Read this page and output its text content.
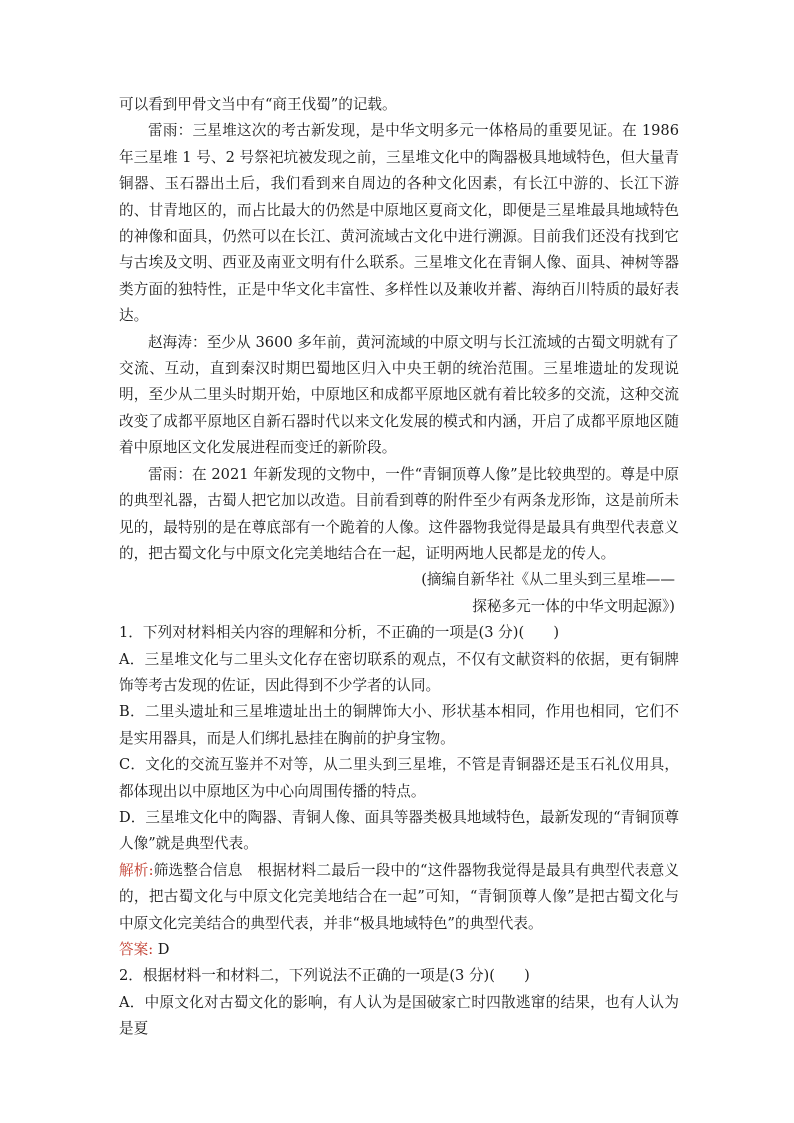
可以看到甲骨文当中有“商王伐蜀”的记载。

雷雨：三星堆这次的考古新发现，是中华文明多元一体格局的重要见证。在 1986 年三星堆 1 号、2 号祭祀坑被发现之前，三星堆文化中的陶器极具地域特色，但大量青铜器、玉石器出土后，我们看到来自周边的各种文化因素，有长江中游的、长江下游的、甘青地区的，而占比最大的仍然是中原地区夏商文化，即便是三星堆最具地域特色的神像和面具，仍然可以在长江、黄河流域古文化中进行溯源。目前我们还没有找到它与古埃及文明、西亚及南亚文明有什么联系。三星堆文化在青铜人像、面具、神树等器类方面的独特性，正是中华文化丰富性、多样性以及兼收并蓄、海纳百川特质的最好表达。

赵海涛：至少从 3600 多年前，黄河流域的中原文明与长江流域的古蜀文明就有了交流、互动，直到秦汉时期巴蜀地区归入中央王朝的统治范围。三星堆遗址的发现说明，至少从二里头时期开始，中原地区和成都平原地区就有着比较多的交流，这种交流改变了成都平原地区自新石器时代以来文化发展的模式和内涵，开启了成都平原地区随着中原地区文化发展进程而变迁的新阶段。

雷雨：在 2021 年新发现的文物中，一件“青铜顶尊人像”是比较典型的。尊是中原的典型礼器，古蜀人把它加以改造。目前看到尊的附件至少有两条龙形饰，这是前所未见的，最特别的是在尊底部有一个跪着的人像。这件器物我觉得是最具有典型代表意义的，把古蜀文化与中原文化完美地结合在一起，证明两地人民都是龙的传人。

(摘编自新华社《从二里头到三星堆——

探秘多元一体的中华文明起源》)

1．下列对材料相关内容的理解和分析，不正确的一项是(3 分)(　　)

A．三星堆文化与二里头文化存在密切联系的观点，不仅有文献资料的依据，更有铜牌饰等考古发现的佐证，因此得到不少学者的认同。

B．二里头遗址和三星堆遗址出土的铜牌饰大小、形状基本相同，作用也相同，它们不是实用器具，而是人们绑扎悬挂在胸前的护身宝物。

C．文化的交流互鉴并不对等，从二里头到三星堆，不管是青铜器还是玉石礼仪用具，都体现出以中原地区为中心向周围传播的特点。

D．三星堆文化中的陶器、青铜人像、面具等器类极具地域特色，最新发现的“青铜顶尊人像”就是典型代表。

解析:筛选整合信息　根据材料二最后一段中的“这件器物我觉得是最具有典型代表意义的，把古蜀文化与中原文化完美地结合在一起”可知，“青铜顶尊人像”是把古蜀文化与中原文化完美结合的典型代表，并非“极具地域特色”的典型代表。

答案: D

2．根据材料一和材料二，下列说法不正确的一项是(3 分)(　　)

A．中原文化对古蜀文化的影响，有人认为是国破家亡时四散逃窜的结果，也有人认为是夏
